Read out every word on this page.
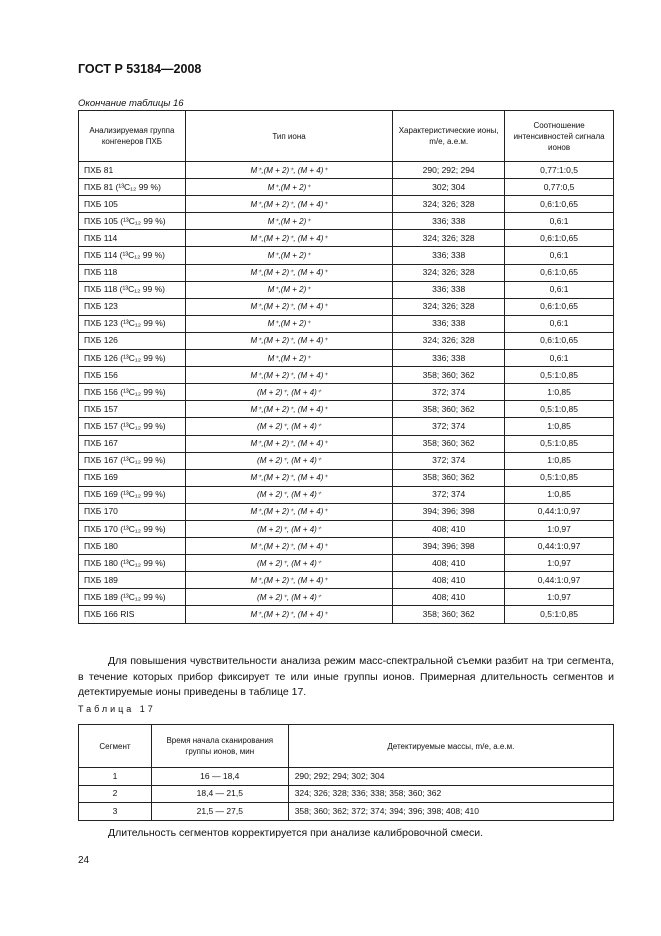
ГОСТ Р 53184—2008
Окончание таблицы 16
Анализируемая группа конгенеров ПХБ	Тип иона	Характеристические ионы, m/e, а.е.м.	Соотношение интенсивностей сигнала ионов
ПХБ 81	M⁺,(M + 2)⁺, (M + 4)⁺	290; 292; 294	0,77:1:0,5
ПХБ 81 (¹³C₁₂ 99 %)	M⁺,(M + 2)⁺	302; 304	0,77:0,5
ПХБ 105	M⁺,(M + 2)⁺, (M + 4)⁺	324; 326; 328	0,6:1:0,65
ПХБ 105 (¹³C₁₂ 99 %)	M⁺,(M + 2)⁺	336; 338	0,6:1
ПХБ 114	M⁺,(M + 2)⁺, (M + 4)⁺	324; 326; 328	0,6:1:0,65
ПХБ 114 (¹³C₁₂ 99 %)	M⁺,(M + 2)⁺	336; 338	0,6:1
ПХБ 118	M⁺,(M + 2)⁺, (M + 4)⁺	324; 326; 328	0,6:1:0,65
ПХБ 118 (¹³C₁₂ 99 %)	M⁺,(M + 2)⁺	336; 338	0,6:1
ПХБ 123	M⁺,(M + 2)⁺, (M + 4)⁺	324; 326; 328	0,6:1:0,65
ПХБ 123 (¹³C₁₂ 99 %)	M⁺,(M + 2)⁺	336; 338	0,6:1
ПХБ 126	M⁺,(M + 2)⁺, (M + 4)⁺	324; 326; 328	0,6:1:0,65
ПХБ 126 (¹³C₁₂ 99 %)	M⁺,(M + 2)⁺	336; 338	0,6:1
ПХБ 156	M⁺,(M + 2)⁺, (M + 4)⁺	358; 360; 362	0,5:1:0,85
ПХБ 156 (¹³C₁₂ 99 %)	(M + 2)⁺, (M + 4)⁺	372; 374	1:0,85
ПХБ 157	M⁺,(M + 2)⁺, (M + 4)⁺	358; 360; 362	0,5:1:0,85
ПХБ 157 (¹³C₁₂ 99 %)	(M + 2)⁺, (M + 4)⁺	372; 374	1:0,85
ПХБ 167	M⁺,(M + 2)⁺, (M + 4)⁺	358; 360; 362	0,5:1:0,85
ПХБ 167 (¹³C₁₂ 99 %)	(M + 2)⁺, (M + 4)⁺	372; 374	1:0,85
ПХБ 169	M⁺,(M + 2)⁺, (M + 4)⁺	358; 360; 362	0,5:1:0,85
ПХБ 169 (¹³C₁₂ 99 %)	(M + 2)⁺, (M + 4)⁺	372; 374	1:0,85
ПХБ 170	M⁺,(M + 2)⁺, (M + 4)⁺	394; 396; 398	0,44:1:0,97
ПХБ 170 (¹³C₁₂ 99 %)	(M + 2)⁺, (M + 4)⁺	408; 410	1:0,97
ПХБ 180	M⁺,(M + 2)⁺, (M + 4)⁺	394; 396; 398	0,44:1:0,97
ПХБ 180 (¹³C₁₂ 99 %)	(M + 2)⁺, (M + 4)⁺	408; 410	1:0,97
ПХБ 189	M⁺,(M + 2)⁺, (M + 4)⁺	408; 410	0,44:1:0,97
ПХБ 189 (¹³C₁₂ 99 %)	(M + 2)⁺, (M + 4)⁺	408; 410	1:0,97
ПХБ 166 RIS	M⁺,(M + 2)⁺, (M + 4)⁺	358; 360; 362	0,5:1:0,85
Для повышения чувствительности анализа режим масс-спектральной съемки разбит на три сегмента, в течение которых прибор фиксирует те или иные группы ионов. Примерная длительность сегментов и детектируемые ионы приведены в таблице 17.
Таблица 17
Сегмент	Время начала сканирования группы ионов, мин	Детектируемые массы, m/e, а.е.м.
1	16 — 18,4	290; 292; 294; 302; 304
2	18,4 — 21,5	324; 326; 328; 336; 338; 358; 360; 362
3	21,5 — 27,5	358; 360; 362; 372; 374; 394; 396; 398; 408; 410
Длительность сегментов корректируется при анализе калибровочной смеси.
24
